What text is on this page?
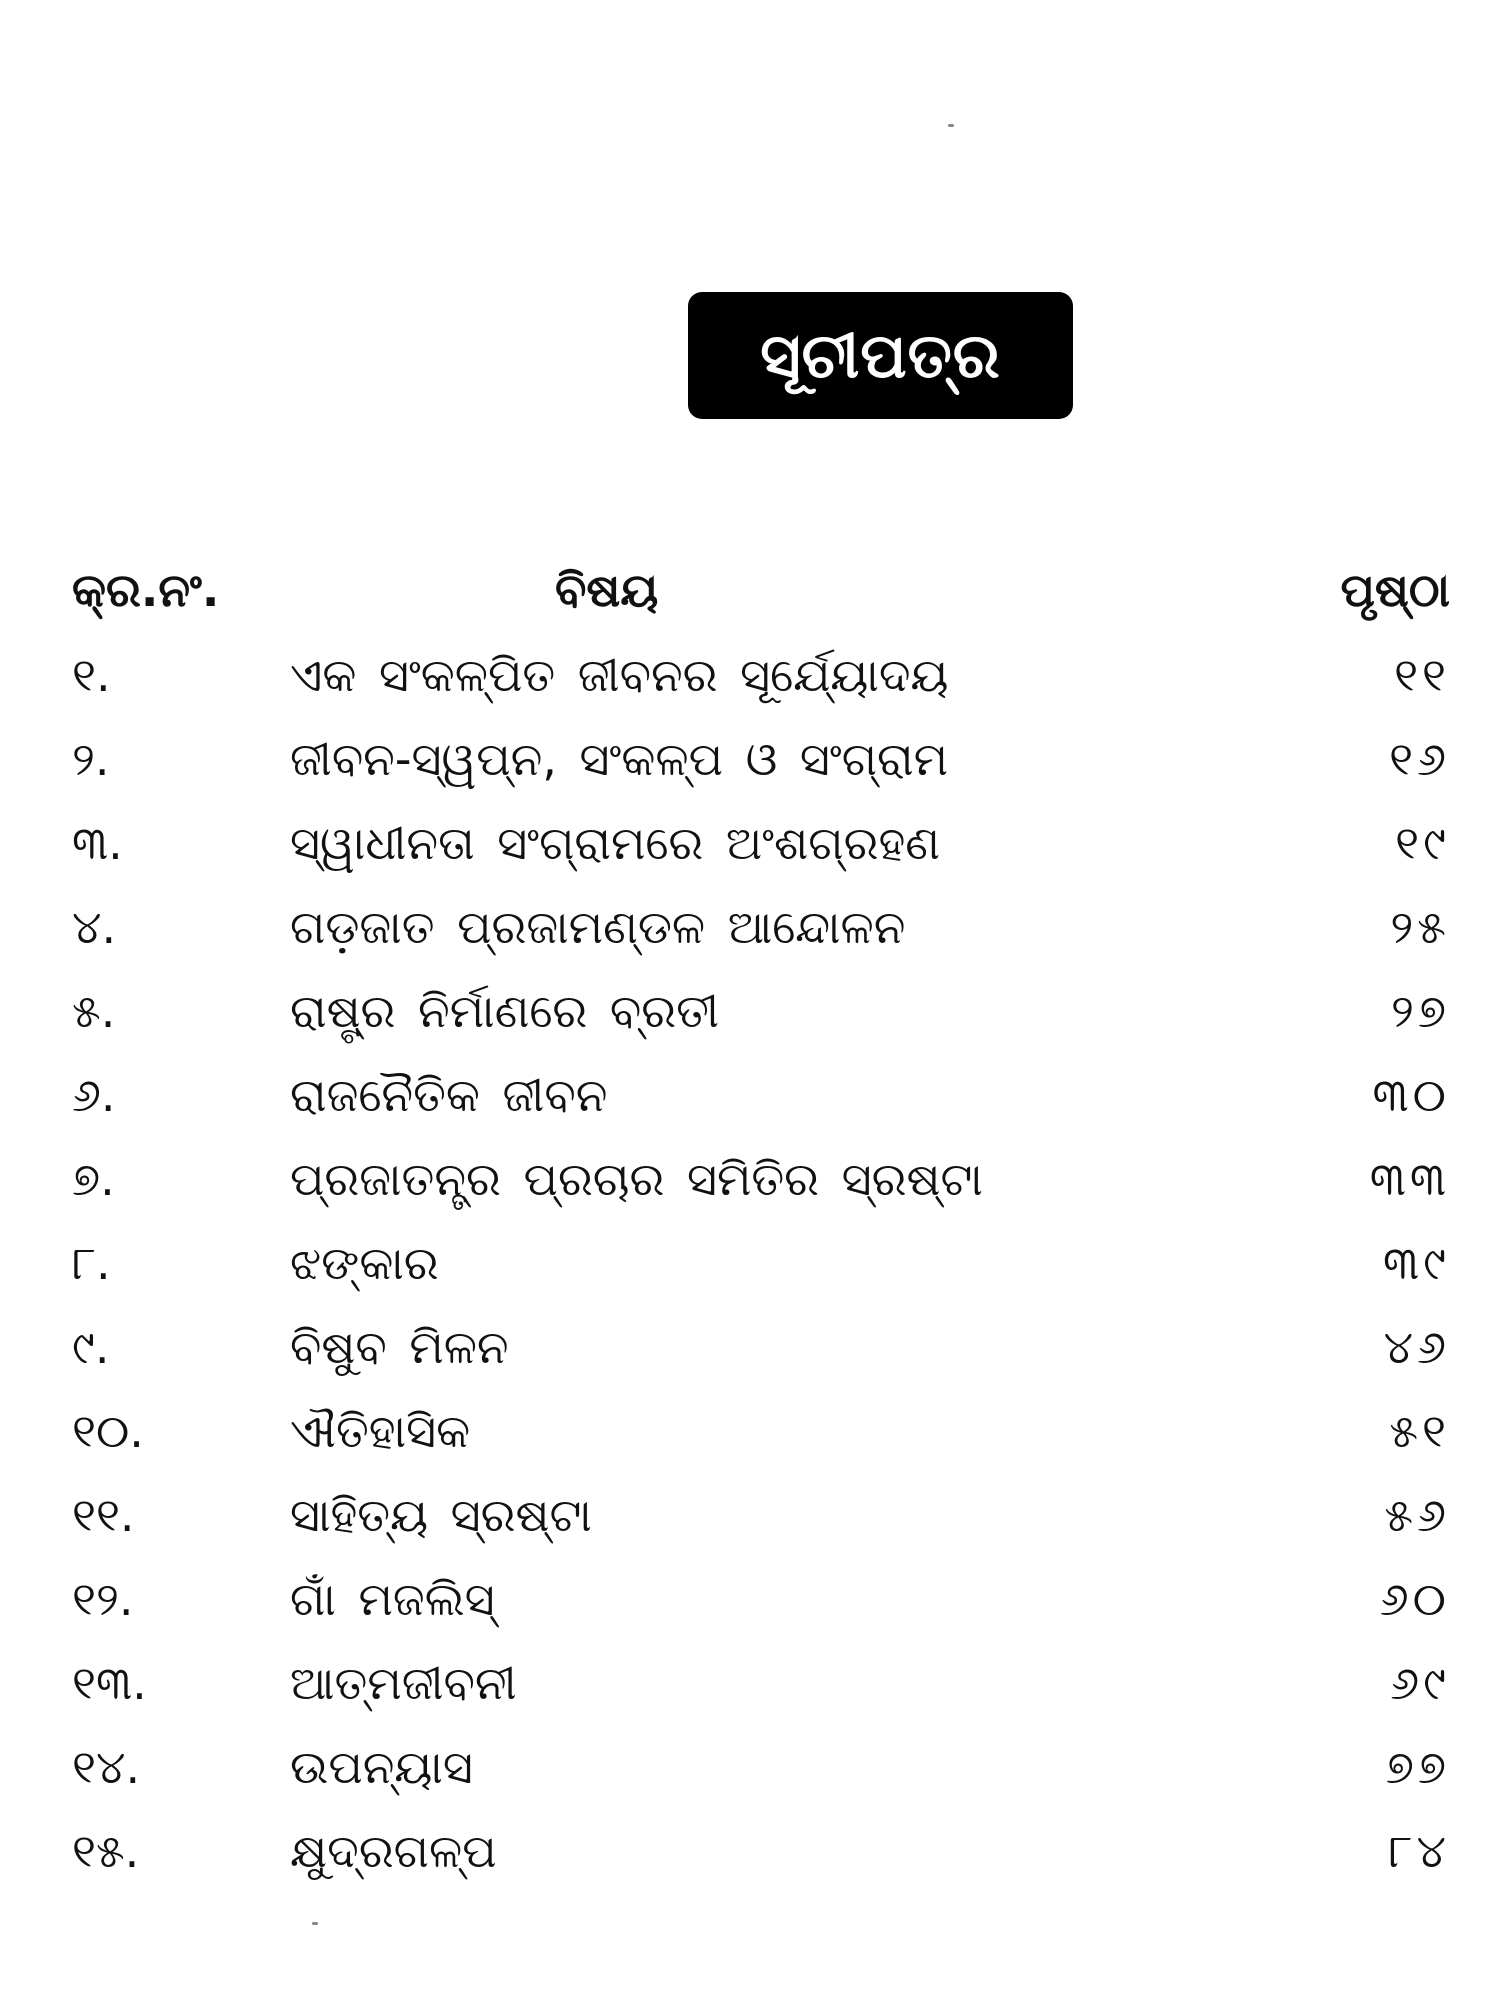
ସୂଚୀପତ୍ର
କ୍ର.ନଂ.	ବିଷୟ	ପୃଷ୍ଠା
୧.	ଏକ ସଂକଳ୍ପିତ ଜୀବନର ସୂର୍ଯ୍ୟୋଦୟ	୧୧
୨.	ଜୀବନ-ସ୍ୱପ୍ନ, ସଂକଳ୍ପ ଓ ସଂଗ୍ରାମ	୧୬
୩.	ସ୍ୱାଧୀନତା ସଂଗ୍ରାମରେ ଅଂଶଗ୍ରହଣ	୧୯
୪.	ଗଡ଼ଜାତ ପ୍ରଜାମଣ୍ଡଳ ଆନ୍ଦୋଳନ	୨୫
୫.	ରାଷ୍ଟ୍ର ନିର୍ମାଣରେ ବ୍ରତୀ	୨୭
୬.	ରାଜନୈତିକ ଜୀବନ	୩୦
୭.	ପ୍ରଜାତନ୍ତ୍ର ପ୍ରଚାର ସମିତିର ସ୍ରଷ୍ଟା	୩୩
୮.	ଝଙ୍କାର	୩୯
୯.	ବିଷୁବ ମିଳନ	୪୬
୧୦.	ଐତିହାସିକ	୫୧
୧୧.	ସାହିତ୍ୟ ସ୍ରଷ୍ଟା	୫୬
୧୨.	ଗାଁ ମଜଲିସ୍	୬୦
୧୩.	ଆତ୍ମଜୀବନୀ	୬୯
୧୪.	ଉପନ୍ୟାସ	୭୭
୧୫.	କ୍ଷୁଦ୍ରଗଳ୍ପ	୮୪
